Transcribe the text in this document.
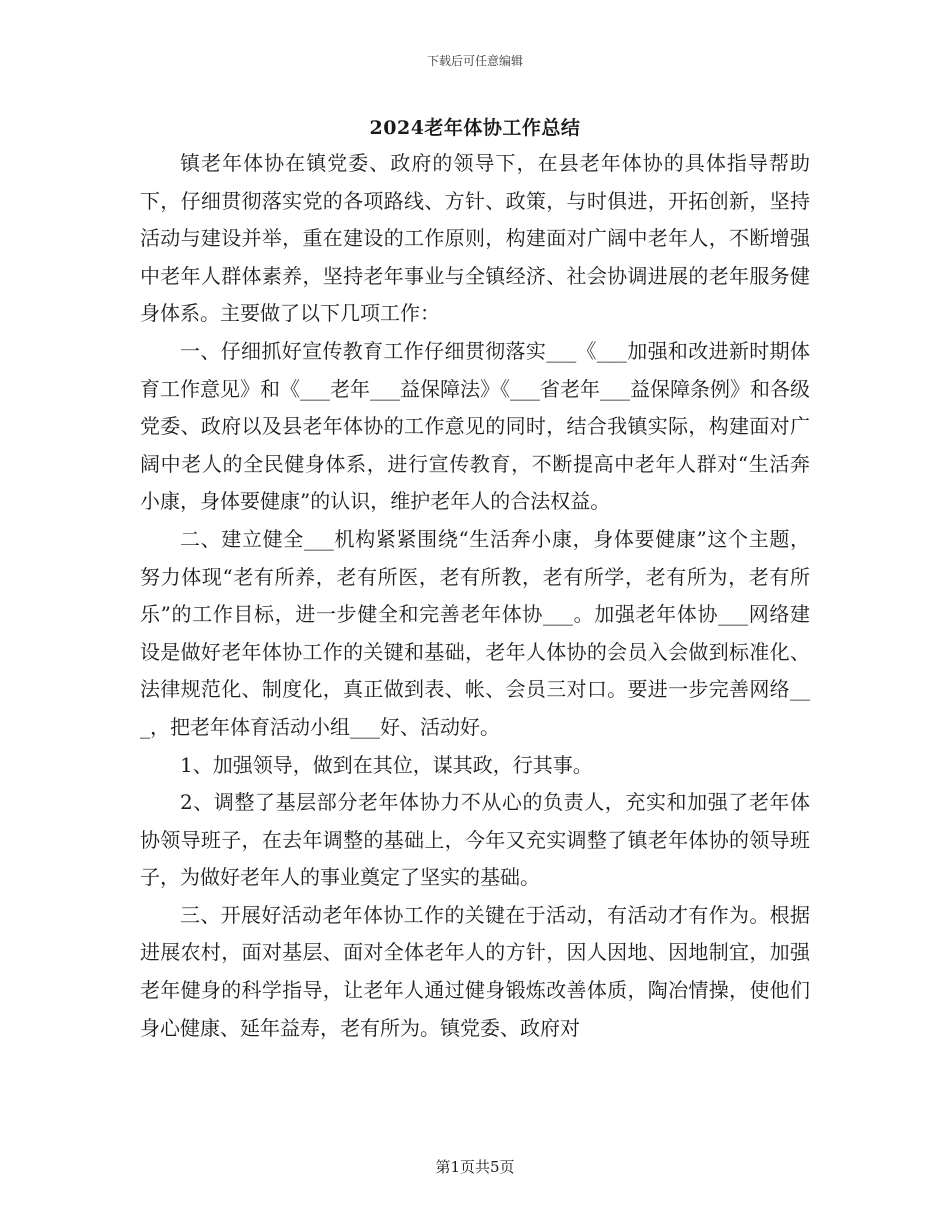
下载后可任意编辑
2024老年体协工作总结

镇老年体协在镇党委、政府的领导下，在县老年体协的具体指导帮助下，仔细贯彻落实党的各项路线、方针、政策，与时俱进，开拓创新，坚持活动与建设并举，重在建设的工作原则，构建面对广阔中老年人，不断增强中老年人群体素养，坚持老年事业与全镇经济、社会协调进展的老年服务健身体系。主要做了以下几项工作：

一、仔细抓好宣传教育工作仔细贯彻落实___《___加强和改进新时期体育工作意见》和《___老年___益保障法》《___省老年___益保障条例》和各级党委、政府以及县老年体协的工作意见的同时，结合我镇实际，构建面对广阔中老人的全民健身体系，进行宣传教育，不断提高中老年人群对“生活奔小康，身体要健康”的认识，维护老年人的合法权益。

二、建立健全___机构紧紧围绕“生活奔小康，身体要健康”这个主题，努力体现“老有所养，老有所医，老有所教，老有所学，老有所为，老有所乐”的工作目标，进一步健全和完善老年体协___。加强老年体协___网络建设是做好老年体协工作的关键和基础，老年人体协的会员入会做到标准化、法律规范化、制度化，真正做到表、帐、会员三对口。要进一步完善网络___，把老年体育活动小组___好、活动好。

1、加强领导，做到在其位，谋其政，行其事。

2、调整了基层部分老年体协力不从心的负责人，充实和加强了老年体协领导班子，在去年调整的基础上，今年又充实调整了镇老年体协的领导班子，为做好老年人的事业奠定了坚实的基础。

三、开展好活动老年体协工作的关键在于活动，有活动才有作为。根据进展农村，面对基层、面对全体老年人的方针，因人因地、因地制宜，加强老年健身的科学指导，让老年人通过健身锻炼改善体质，陶冶情操，使他们身心健康、延年益寿，老有所为。镇党委、政府对

第1页共5页
